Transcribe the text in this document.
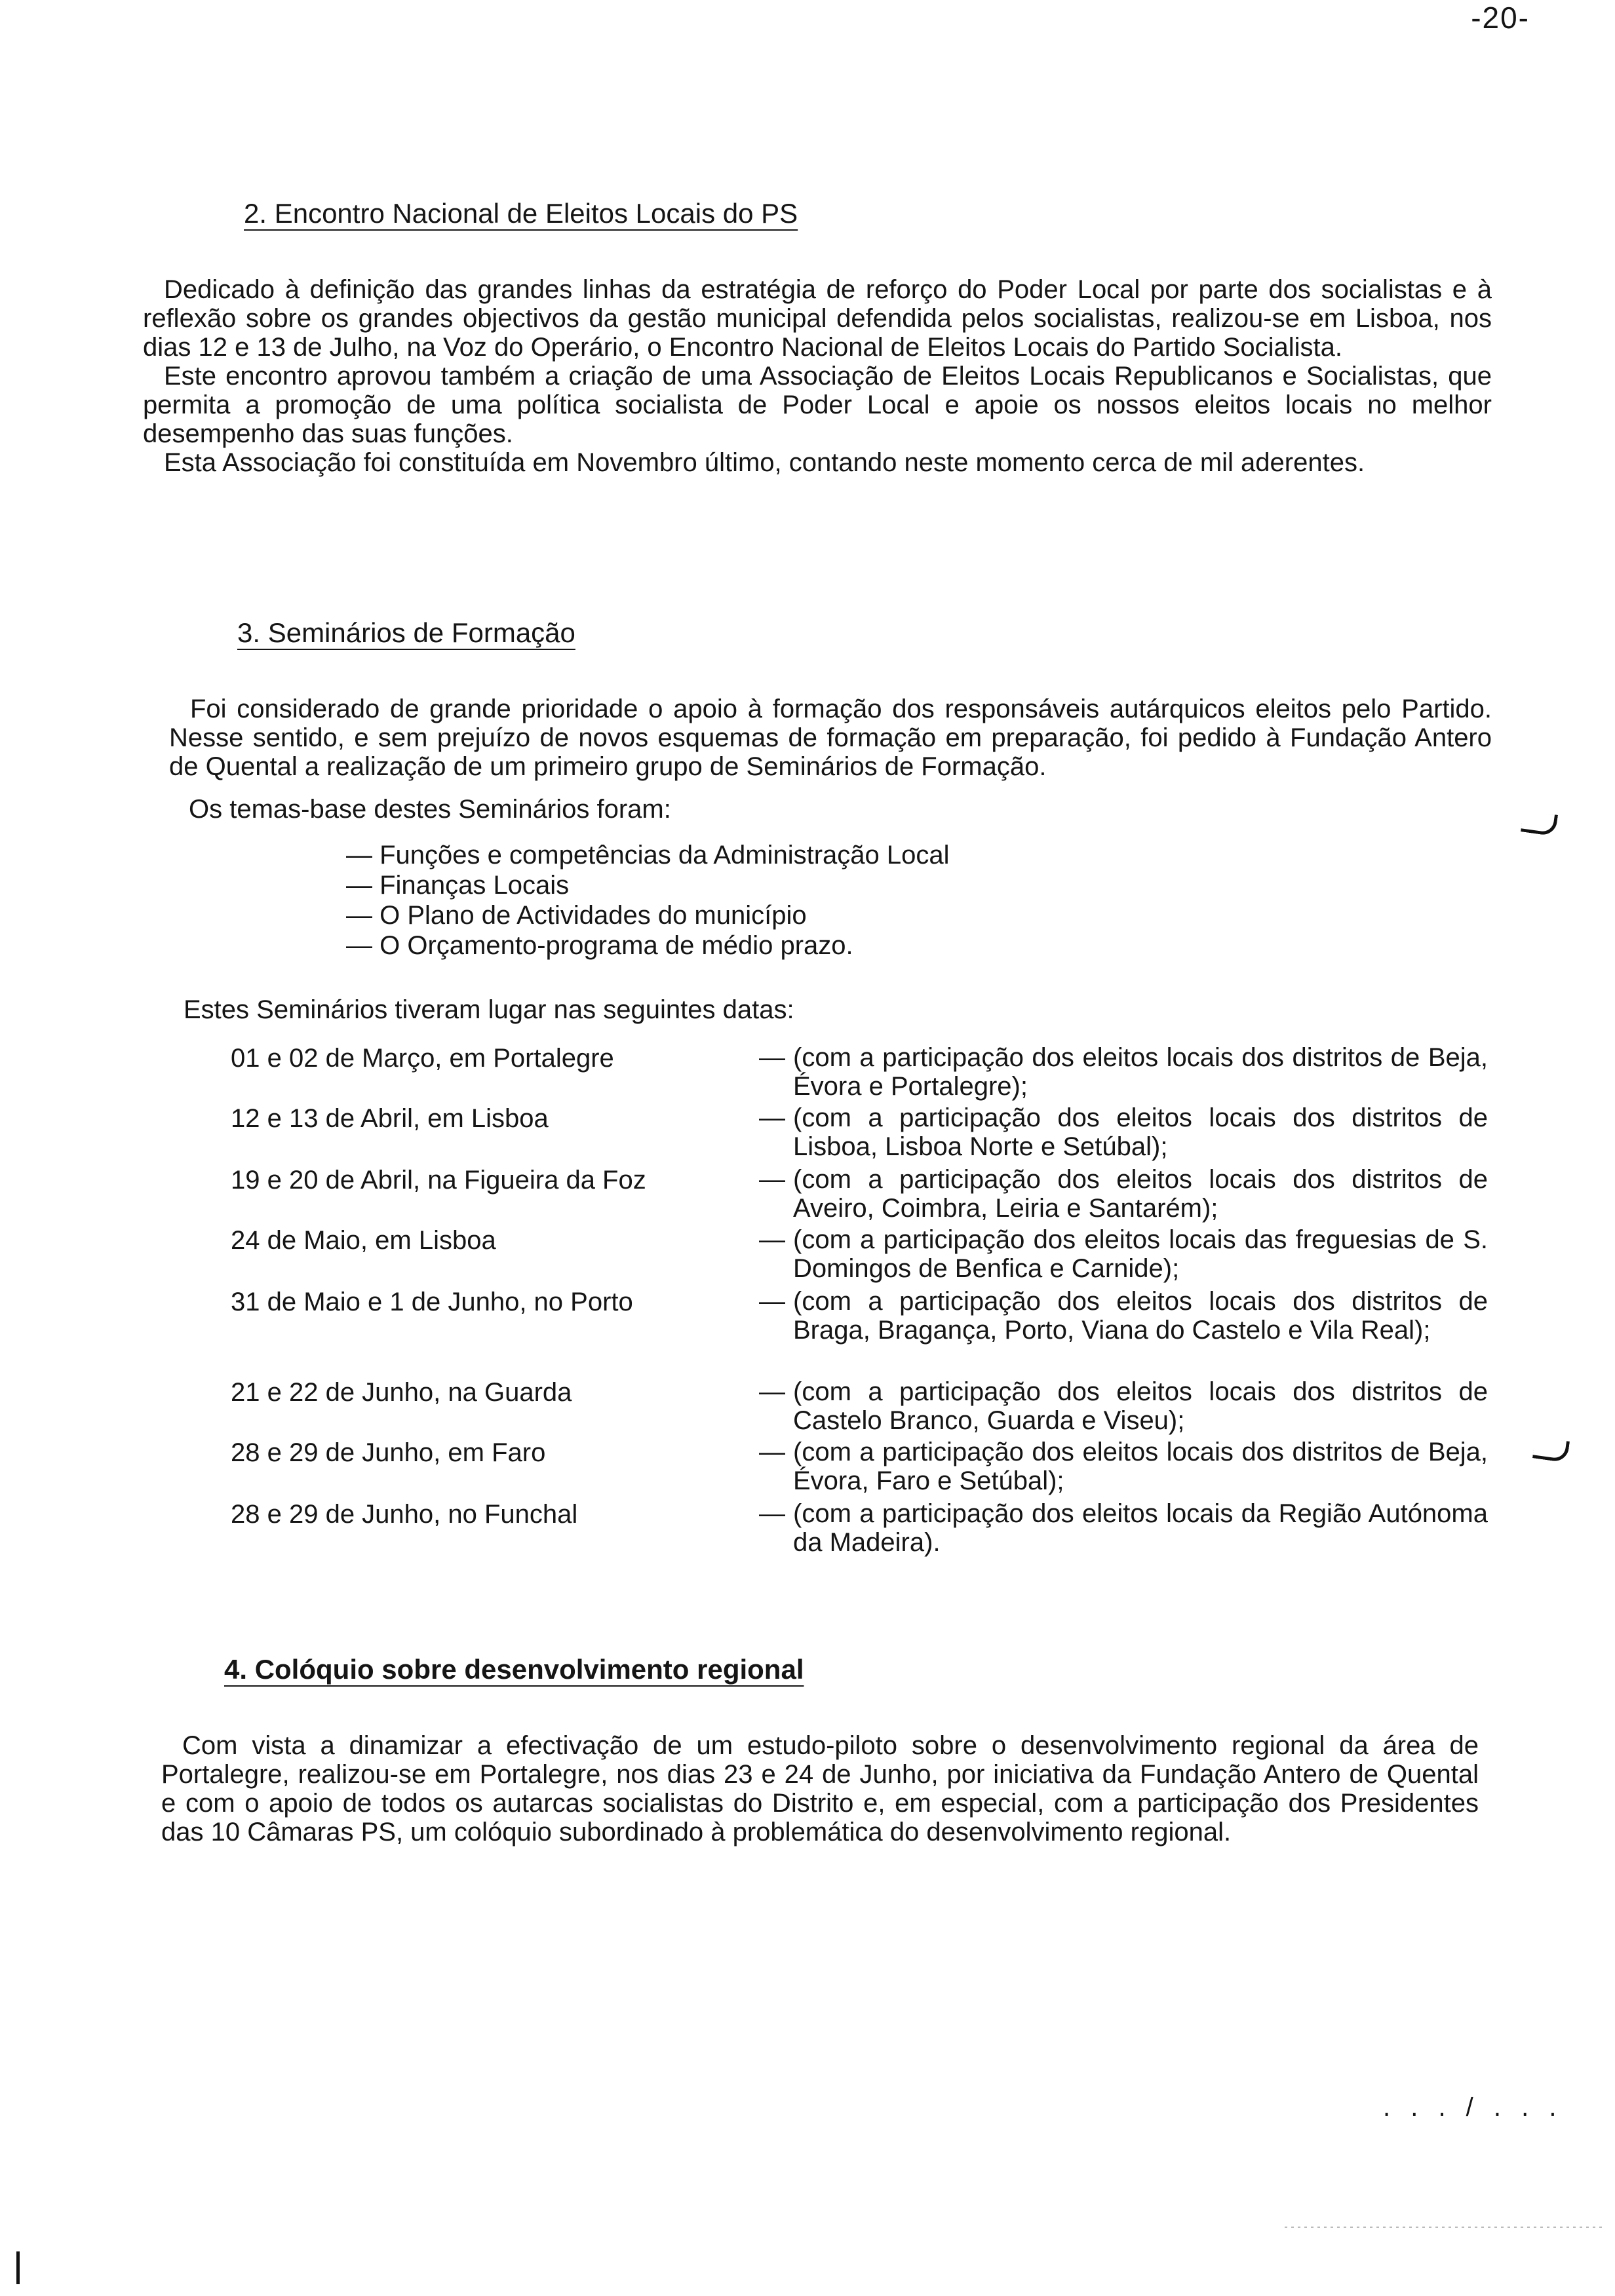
-20-
2. Encontro Nacional de Eleitos Locais do PS

Dedicado à definição das grandes linhas da estratégia de reforço do Poder Local por parte dos socialistas e à reflexão sobre os grandes objectivos da gestão municipal defendida pelos socialistas, realizou-se em Lisboa, nos dias 12 e 13 de Julho, na Voz do Operário, o Encontro Nacional de Eleitos Locais do Partido Socialista.

Este encontro aprovou também a criação de uma Associação de Eleitos Locais Republicanos e Socialistas, que permita a promoção de uma política socialista de Poder Local e apoie os nossos eleitos locais no melhor desempenho das suas funções.

Esta Associação foi constituída em Novembro último, contando neste momento cerca de mil aderentes.

3. Seminários de Formação

Foi considerado de grande prioridade o apoio à formação dos responsáveis autárquicos eleitos pelo Partido. Nesse sentido, e sem prejuízo de novos esquemas de formação em preparação, foi pedido à Fundação Antero de Quental a realização de um primeiro grupo de Seminários de Formação.

Os temas-base destes Seminários foram:
— Funções e competências da Administração Local
— Finanças Locais
— O Plano de Actividades do município
— O Orçamento-programa de médio prazo.
Estes Seminários tiveram lugar nas seguintes datas:
01 e 02 de Março, em Portalegre	— (com a participação dos eleitos locais dos distritos de Beja, Évora e Portalegre);
12 e 13 de Abril, em Lisboa	— (com a participação dos eleitos locais dos distritos de Lisboa, Lisboa Norte e Setúbal);
19 e 20 de Abril, na Figueira da Foz	— (com a participação dos eleitos locais dos distritos de Aveiro, Coimbra, Leiria e Santarém);
24 de Maio, em Lisboa	— (com a participação dos eleitos locais das freguesias de S. Domingos de Benfica e Carnide);
31 de Maio e 1 de Junho, no Porto	— (com a participação dos eleitos locais dos distritos de Braga, Bragança, Porto, Viana do Castelo e Vila Real);
21 e 22 de Junho, na Guarda	— (com a participação dos eleitos locais dos distritos de Castelo Branco, Guarda e Viseu);
28 e 29 de Junho, em Faro	— (com a participação dos eleitos locais dos distritos de Beja, Évora, Faro e Setúbal);
28 e 29 de Junho, no Funchal	— (com a participação dos eleitos locais da Região Autónoma da Madeira).
4. Colóquio sobre desenvolvimento regional

Com vista a dinamizar a efectivação de um estudo-piloto sobre o desenvolvimento regional da área de Portalegre, realizou-se em Portalegre, nos dias 23 e 24 de Junho, por iniciativa da Fundação Antero de Quental e com o apoio de todos os autarcas socialistas do Distrito e, em especial, com a participação dos Presidentes das 10 Câmaras PS, um colóquio subordinado à problemática do desenvolvimento regional.

. . . / . . .
